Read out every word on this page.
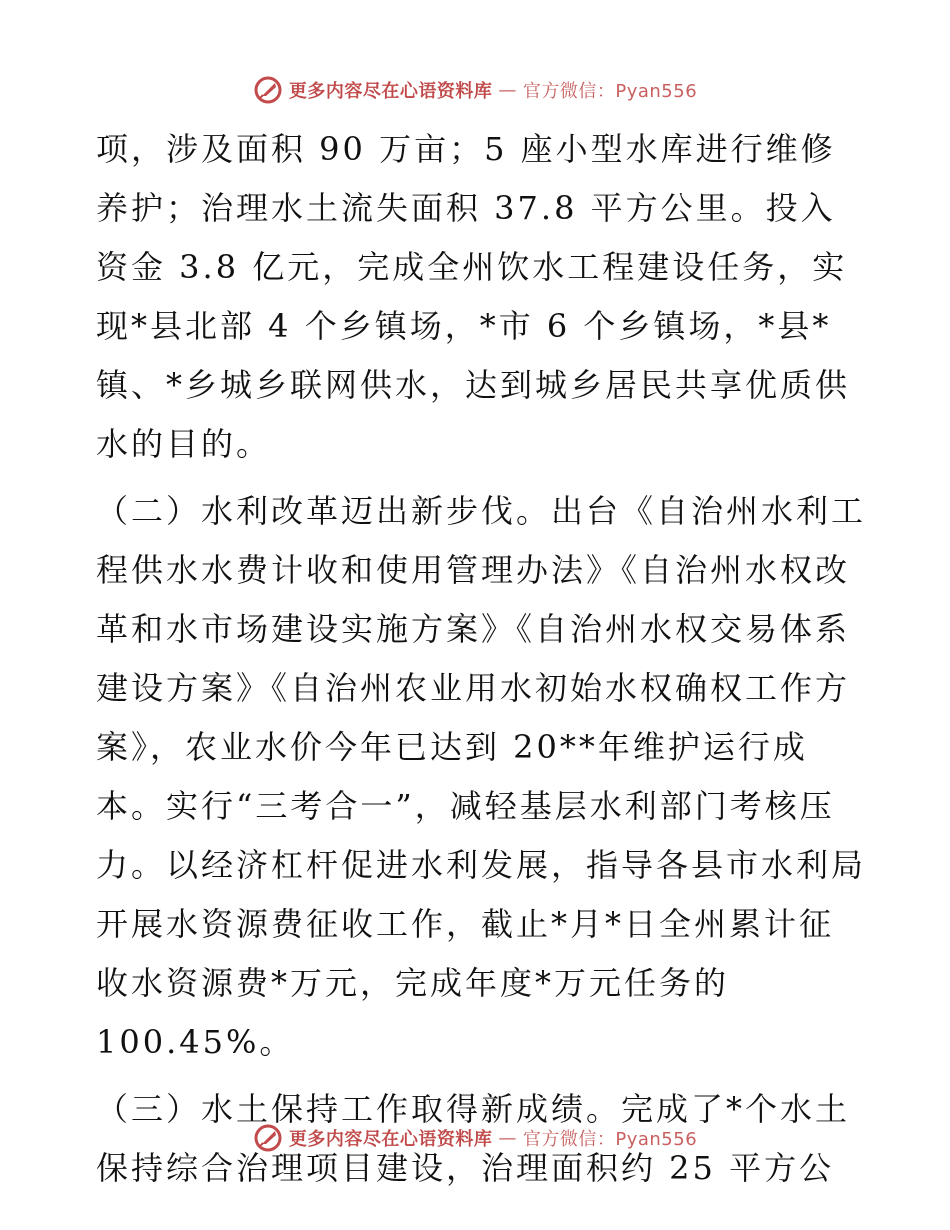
更多内容尽在心语资料库 — 官方微信：Pyan556

项，涉及面积 90 万亩；5 座小型水库进行维修养护；治理水土流失面积 37.8 平方公里。投入资金 3.8 亿元，完成全州饮水工程建设任务，实现*县北部 4 个乡镇场，*市 6 个乡镇场，*县*镇、*乡城乡联网供水，达到城乡居民共享优质供水的目的。

（二）水利改革迈出新步伐。出台《自治州水利工程供水水费计收和使用管理办法》《自治州水权改革和水市场建设实施方案》《自治州水权交易体系建设方案》《自治州农业用水初始水权确权工作方案》，农业水价今年已达到 20**年维护运行成本。实行“三考合一”，减轻基层水利部门考核压力。以经济杠杆促进水利发展，指导各县市水利局开展水资源费征收工作，截止*月*日全州累计征收水资源费*万元，完成年度*万元任务的 100.45%。

（三）水土保持工作取得新成绩。完成了*个水土保持综合治理项目建设，治理面积约 25 平方公

更多内容尽在心语资料库 — 官方微信：Pyan556
